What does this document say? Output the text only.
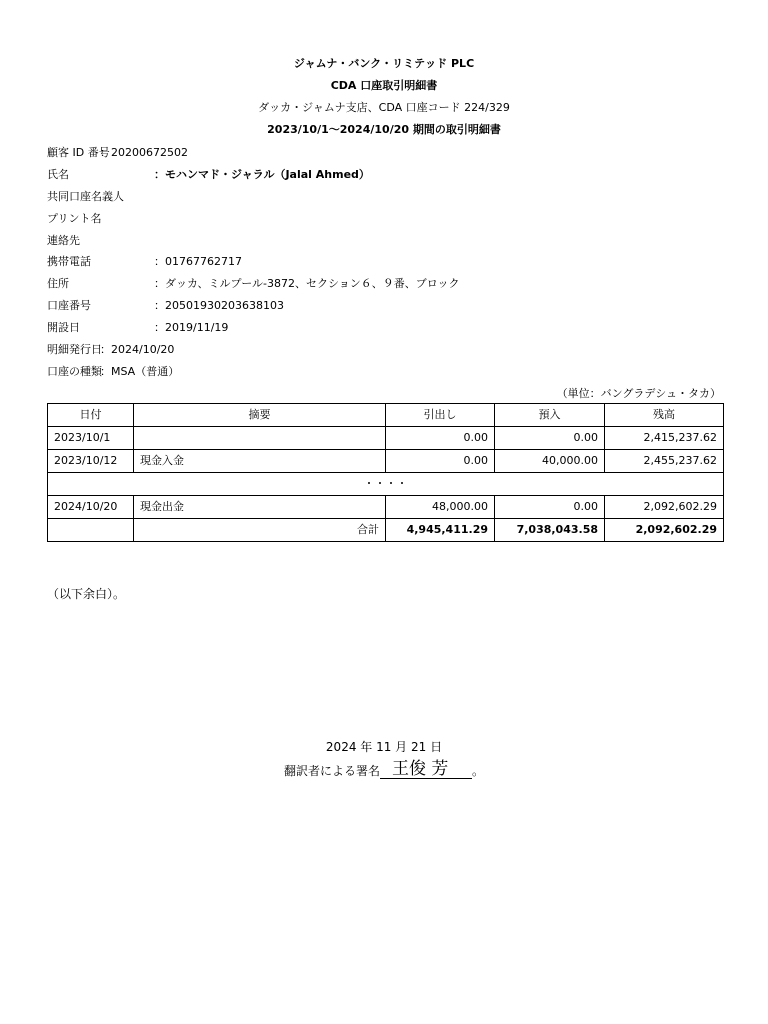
ジャムナ・バンク・リミテッド PLC
CDA 口座取引明細書
ダッカ・ジャムナ支店、CDA 口座コード 224/329
2023/10/1～2024/10/20 期間の取引明細書
顧客 ID 番号
：20200672502
氏名	：モハンマド・ジャラル（Jalal Ahmed）
共同口座名義人
プリント名
連絡先
携帯電話	：01767762717
住所	：ダッカ、ミルプール-3872、セクション６、９番、ブロック
口座番号	：20501930203638103
開設日	：2019/11/19
明細発行日
：2024/10/20
口座の種類
：MSA（普通）
（単位：バングラデシュ・タカ）
日付	摘要	引出し	預入	残高
2023/10/1		0.00	0.00	2,415,237.62
2023/10/12	現金入金	0.00	40,000.00	2,455,237.62
・・・・				
2024/10/20	現金出金	48,000.00	0.00	2,092,602.29
	合計	4,945,411.29	7,038,043.58	2,092,602.29
（以下余白）。
2024 年 11 月 21 日
翻訳者による署名 王俊 芳 。
